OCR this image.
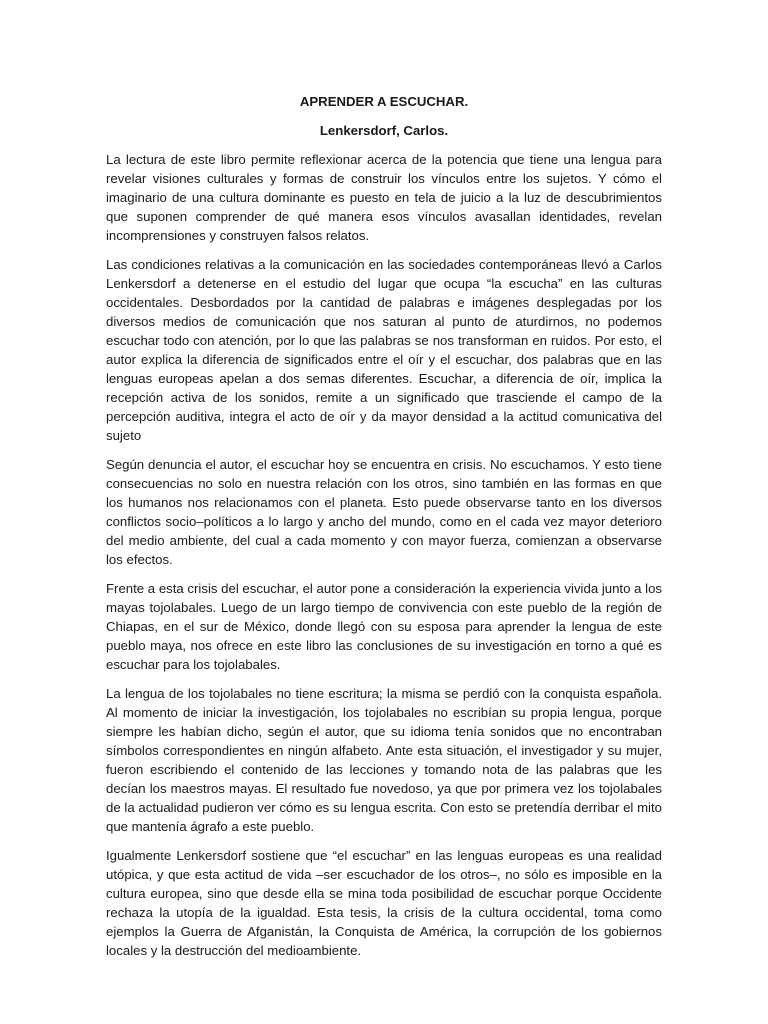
APRENDER A ESCUCHAR.
Lenkersdorf, Carlos.

La lectura de este libro permite reflexionar acerca de la potencia que tiene una lengua para revelar visiones culturales y formas de construir los vínculos entre los sujetos. Y cómo el imaginario de una cultura dominante es puesto en tela de juicio a la luz de descubrimientos que suponen comprender de qué manera esos vínculos avasallan identidades, revelan incomprensiones y construyen falsos relatos.

Las condiciones relativas a la comunicación en las sociedades contemporáneas llevó a Carlos Lenkersdorf a detenerse en el estudio del lugar que ocupa “la escucha” en las culturas occidentales. Desbordados por la cantidad de palabras e imágenes desplegadas por los diversos medios de comunicación que nos saturan al punto de aturdirnos, no podemos escuchar todo con atención, por lo que las palabras se nos transforman en ruidos. Por esto, el autor explica la diferencia de significados entre el oír y el escuchar, dos palabras que en las lenguas europeas apelan a dos semas diferentes. Escuchar, a diferencia de oír, implica la recepción activa de los sonidos, remite a un significado que trasciende el campo de la percepción auditiva, integra el acto de oír y da mayor densidad a la actitud comunicativa del sujeto

Según denuncia el autor, el escuchar hoy se encuentra en crisis. No escuchamos. Y esto tiene consecuencias no solo en nuestra relación con los otros, sino también en las formas en que los humanos nos relacionamos con el planeta. Esto puede observarse tanto en los diversos conflictos socio–políticos a lo largo y ancho del mundo, como en el cada vez mayor deterioro del medio ambiente, del cual a cada momento y con mayor fuerza, comienzan a observarse los efectos.

Frente a esta crisis del escuchar, el autor pone a consideración la experiencia vivida junto a los mayas tojolabales. Luego de un largo tiempo de convivencia con este pueblo de la región de Chiapas, en el sur de México, donde llegó con su esposa para aprender la lengua de este pueblo maya, nos ofrece en este libro las conclusiones de su investigación en torno a qué es escuchar para los tojolabales.

La lengua de los tojolabales no tiene escritura; la misma se perdió con la conquista española. Al momento de iniciar la investigación, los tojolabales no escribían su propia lengua, porque siempre les habían dicho, según el autor, que su idioma tenía sonidos que no encontraban símbolos correspondientes en ningún alfabeto. Ante esta situación, el investigador y su mujer, fueron escribiendo el contenido de las lecciones y tomando nota de las palabras que les decían los maestros mayas. El resultado fue novedoso, ya que por primera vez los tojolabales de la actualidad pudieron ver cómo es su lengua escrita. Con esto se pretendía derribar el mito que mantenía ágrafo a este pueblo.

Igualmente Lenkersdorf sostiene que “el escuchar” en las lenguas europeas es una realidad utópica, y que esta actitud de vida –ser escuchador de los otros–, no sólo es imposible en la cultura europea, sino que desde ella se mina toda posibilidad de escuchar porque Occidente rechaza la utopía de la igualdad. Esta tesis, la crisis de la cultura occidental, toma como ejemplos la Guerra de Afganistán, la Conquista de América, la corrupción de los gobiernos locales y la destrucción del medioambiente.
